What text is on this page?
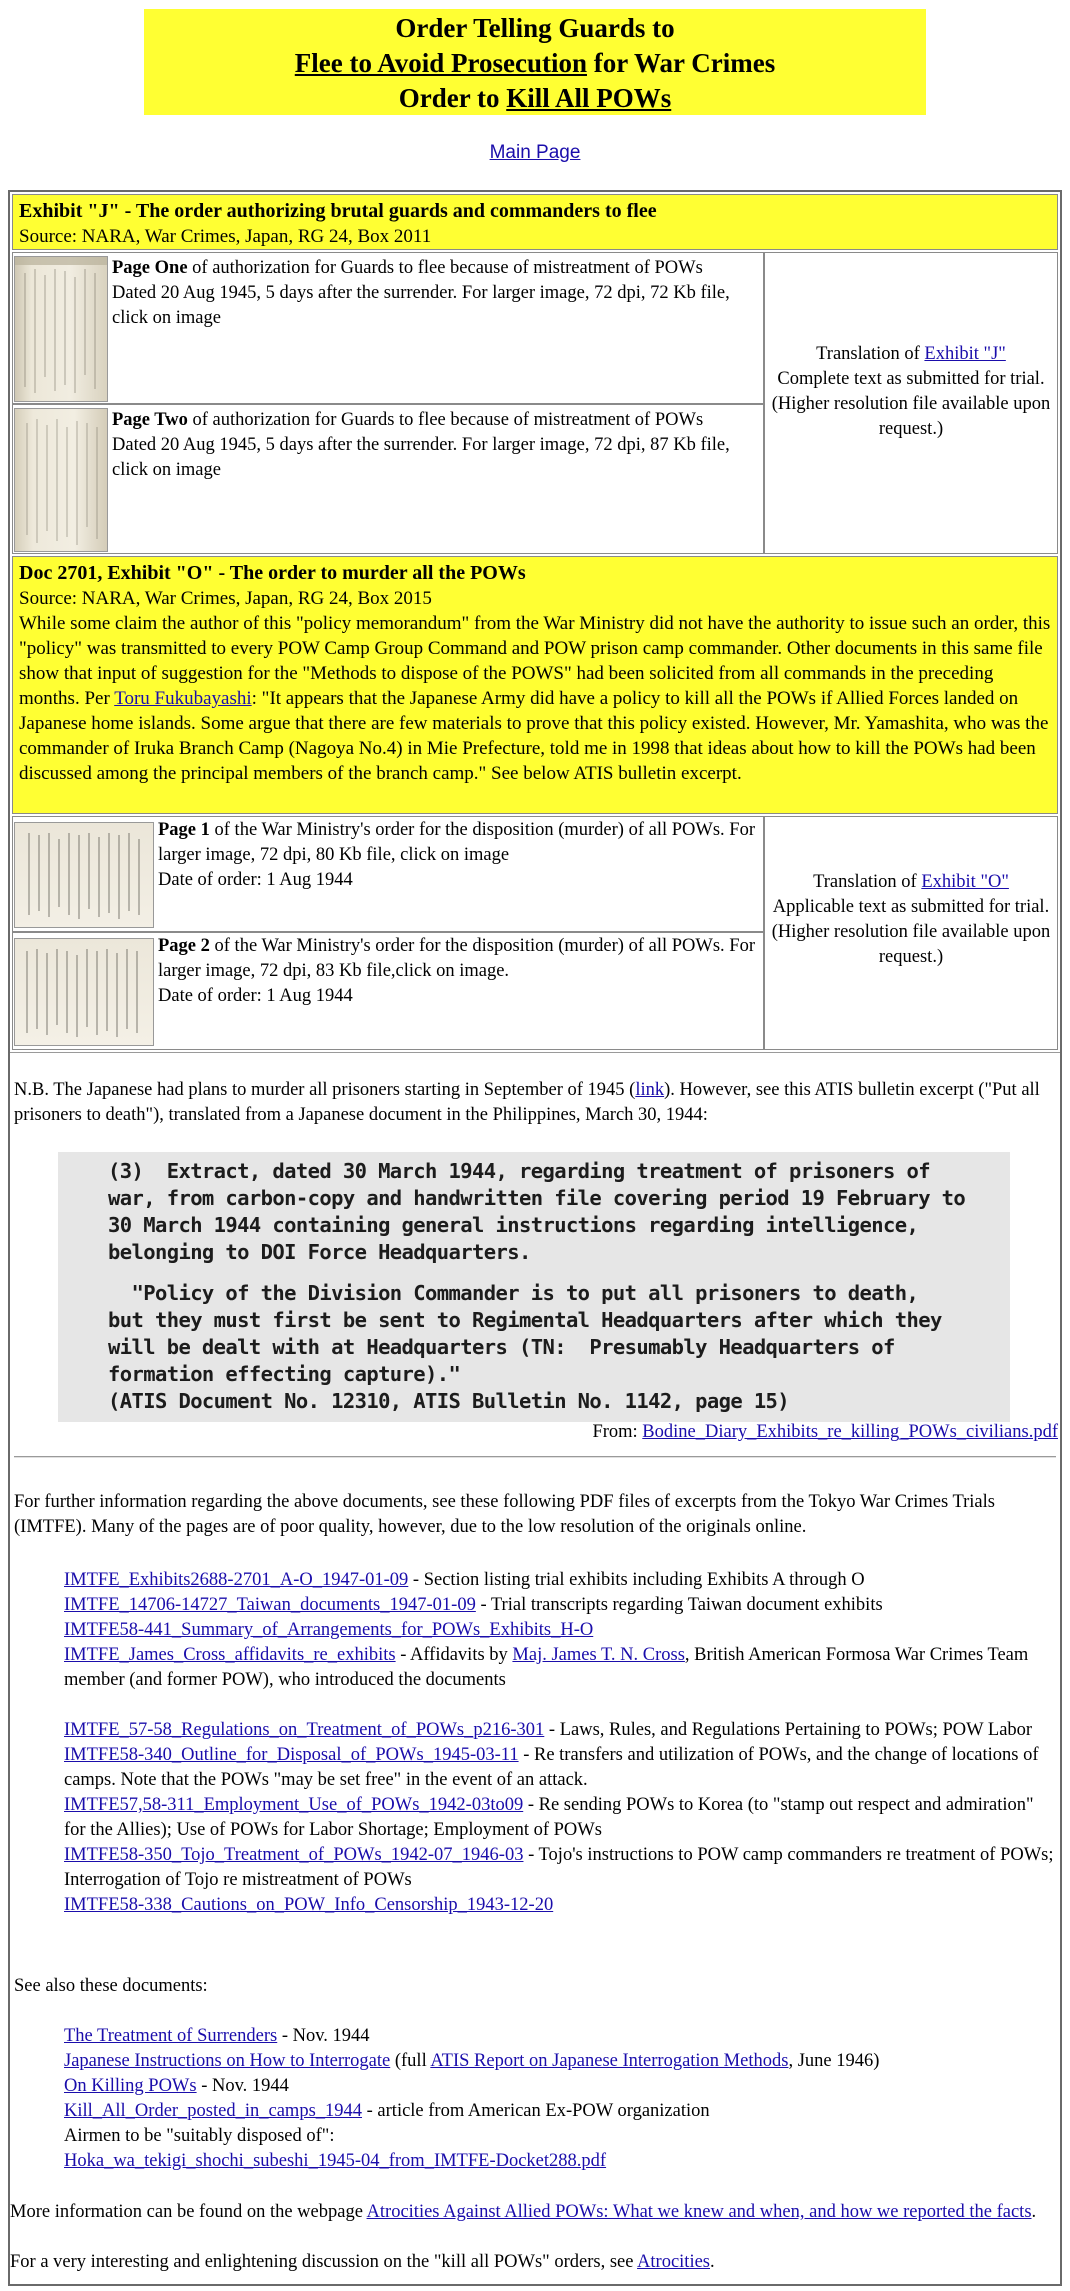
Order Telling Guards to
Flee to Avoid Prosecution for War Crimes
Order to Kill All POWs
Main Page
Exhibit "J" - The order authorizing brutal guards and commanders to flee
Source: NARA, War Crimes, Japan, RG 24, Box 2011
Page One of authorization for Guards to flee because of mistreatment of POWs
Dated 20 Aug 1945, 5 days after the surrender. For larger image, 72 dpi, 72 Kb file, click on image
Page Two of authorization for Guards to flee because of mistreatment of POWs
Dated 20 Aug 1945, 5 days after the surrender. For larger image, 72 dpi, 87 Kb file, click on image
Translation of Exhibit "J"
Complete text as submitted for trial.
(Higher resolution file available upon request.)
Doc 2701, Exhibit "O" - The order to murder all the POWs
Source: NARA, War Crimes, Japan, RG 24, Box 2015
While some claim the author of this "policy memorandum" from the War Ministry did not have the authority to issue such an order, this "policy" was transmitted to every POW Camp Group Command and POW prison camp commander. Other documents in this same file show that input of suggestion for the "Methods to dispose of the POWS" had been solicited from all commands in the preceding months. Per Toru Fukubayashi: "It appears that the Japanese Army did have a policy to kill all the POWs if Allied Forces landed on Japanese home islands. Some argue that there are few materials to prove that this policy existed. However, Mr. Yamashita, who was the commander of Iruka Branch Camp (Nagoya No.4) in Mie Prefecture, told me in 1998 that ideas about how to kill the POWs had been discussed among the principal members of the branch camp." See below ATIS bulletin excerpt.
Page 1 of the War Ministry's order for the disposition (murder) of all POWs. For larger image, 72 dpi, 80 Kb file, click on image
Date of order: 1 Aug 1944
Page 2 of the War Ministry's order for the disposition (murder) of all POWs. For larger image, 72 dpi, 83 Kb file,click on image.
Date of order: 1 Aug 1944
Translation of Exhibit "O"
Applicable text as submitted for trial.
(Higher resolution file available upon request.)
N.B. The Japanese had plans to murder all prisoners starting in September of 1945 (link). However, see this ATIS bulletin excerpt ("Put all prisoners to death"), translated from a Japanese document in the Philippines, March 30, 1944:
(3)  Extract, dated 30 March 1944, regarding treatment of prisoners of
war, from carbon-copy and handwritten file covering period 19 February to
30 March 1944 containing general instructions regarding intelligence,
belonging to DOI Force Headquarters.
"Policy of the Division Commander is to put all prisoners to death,
but they must first be sent to Regimental Headquarters after which they
will be dealt with at Headquarters (TN:  Presumably Headquarters of
formation effecting capture)."
(ATIS Document No. 12310, ATIS Bulletin No. 1142, page 15)
From: Bodine_Diary_Exhibits_re_killing_POWs_civilians.pdf
For further information regarding the above documents, see these following PDF files of excerpts from the Tokyo War Crimes Trials (IMTFE). Many of the pages are of poor quality, however, due to the low resolution of the originals online.
IMTFE_Exhibits2688-2701_A-O_1947-01-09 - Section listing trial exhibits including Exhibits A through O
IMTFE_14706-14727_Taiwan_documents_1947-01-09 - Trial transcripts regarding Taiwan document exhibits
IMTFE58-441_Summary_of_Arrangements_for_POWs_Exhibits_H-O
IMTFE_James_Cross_affidavits_re_exhibits - Affidavits by Maj. James T. N. Cross, British American Formosa War Crimes Team member (and former POW), who introduced the documents
IMTFE_57-58_Regulations_on_Treatment_of_POWs_p216-301 - Laws, Rules, and Regulations Pertaining to POWs; POW Labor
IMTFE58-340_Outline_for_Disposal_of_POWs_1945-03-11 - Re transfers and utilization of POWs, and the change of locations of camps. Note that the POWs "may be set free" in the event of an attack.
IMTFE57,58-311_Employment_Use_of_POWs_1942-03to09 - Re sending POWs to Korea (to "stamp out respect and admiration" for the Allies); Use of POWs for Labor Shortage; Employment of POWs
IMTFE58-350_Tojo_Treatment_of_POWs_1942-07_1946-03 - Tojo's instructions to POW camp commanders re treatment of POWs; Interrogation of Tojo re mistreatment of POWs
IMTFE58-338_Cautions_on_POW_Info_Censorship_1943-12-20
See also these documents:
The Treatment of Surrenders - Nov. 1944
Japanese Instructions on How to Interrogate (full ATIS Report on Japanese Interrogation Methods, June 1946)
On Killing POWs - Nov. 1944
Kill_All_Order_posted_in_camps_1944 - article from American Ex-POW organization
Airmen to be "suitably disposed of":
Hoka_wa_tekigi_shochi_subeshi_1945-04_from_IMTFE-Docket288.pdf
More information can be found on the webpage Atrocities Against Allied POWs: What we knew and when, and how we reported the facts.
For a very interesting and enlightening discussion on the "kill all POWs" orders, see Atrocities.
